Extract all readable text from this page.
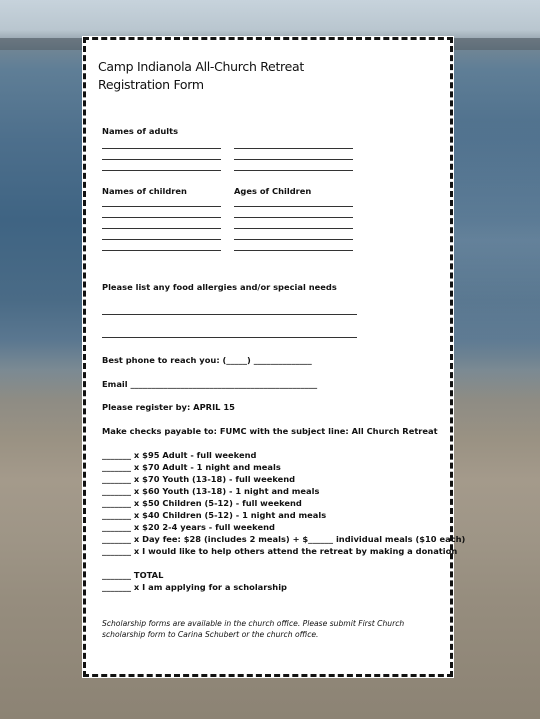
Camp Indianola All-Church Retreat
Registration Form
Names of adults
Names of children	Ages of Children
Please list any food allergies and/or special needs
Best phone to reach you: (_____) ______________
Email _____________________________________________
Please register by: APRIL 15
Make checks payable to: FUMC with the subject line: All Church Retreat
_______ x $95 Adult - full weekend
_______ x $70 Adult - 1 night and meals
_______ x $70 Youth (13-18) - full weekend
_______ x $60 Youth (13-18) - 1 night and meals
_______ x $50 Children (5-12) - full weekend
_______ x $40 Children (5-12) - 1 night and meals
_______ x $20 2-4 years - full weekend
_______ x Day fee: $28 (includes 2 meals) + $______ individual meals ($10 each)
_______ x I would like to help others attend the retreat by making a donation
_______ TOTAL
_______ x I am applying for a scholarship
Scholarship forms are available in the church office. Please submit First Church scholarship form to Carina Schubert or the church office.
